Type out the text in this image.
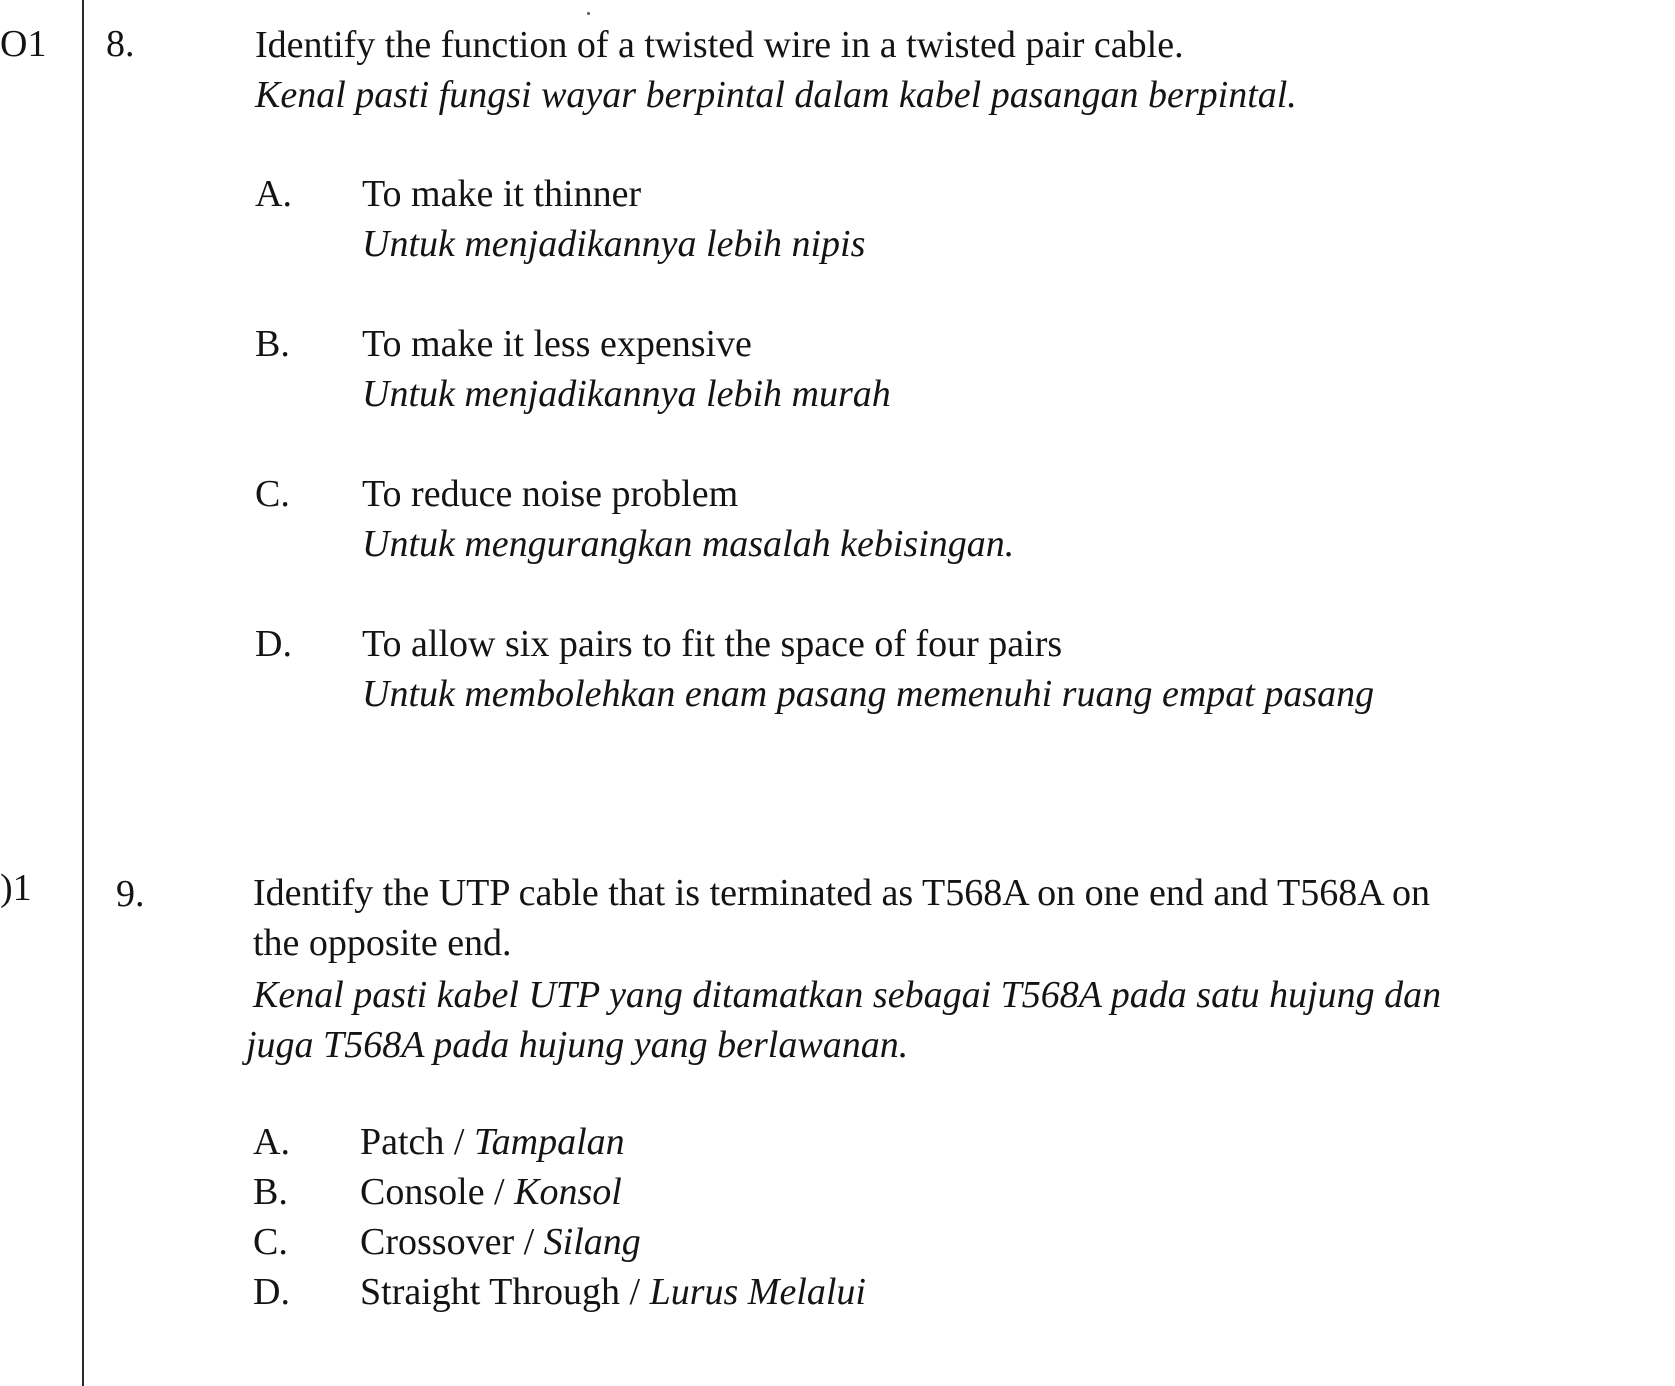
O1 8.	Identify the function of a twisted wire in a twisted pair cable.
Kenal pasti fungsi wayar berpintal dalam kabel pasangan berpintal.
A. To make it thinner
Untuk menjadikannya lebih nipis
B. To make it less expensive
Untuk menjadikannya lebih murah
C. To reduce noise problem
Untuk mengurangkan masalah kebisingan.
D. To allow six pairs to fit the space of four pairs
Untuk membolehkan enam pasang memenuhi ruang empat pasang
)1 9.	Identify the UTP cable that is terminated as T568A on one end and T568A on
the opposite end.
Kenal pasti kabel UTP yang ditamatkan sebagai T568A pada satu hujung dan
juga T568A pada hujung yang berlawanan.
A. Patch / Tampalan
B. Console / Konsol
C. Crossover / Silang
D. Straight Through / Lurus Melalui
